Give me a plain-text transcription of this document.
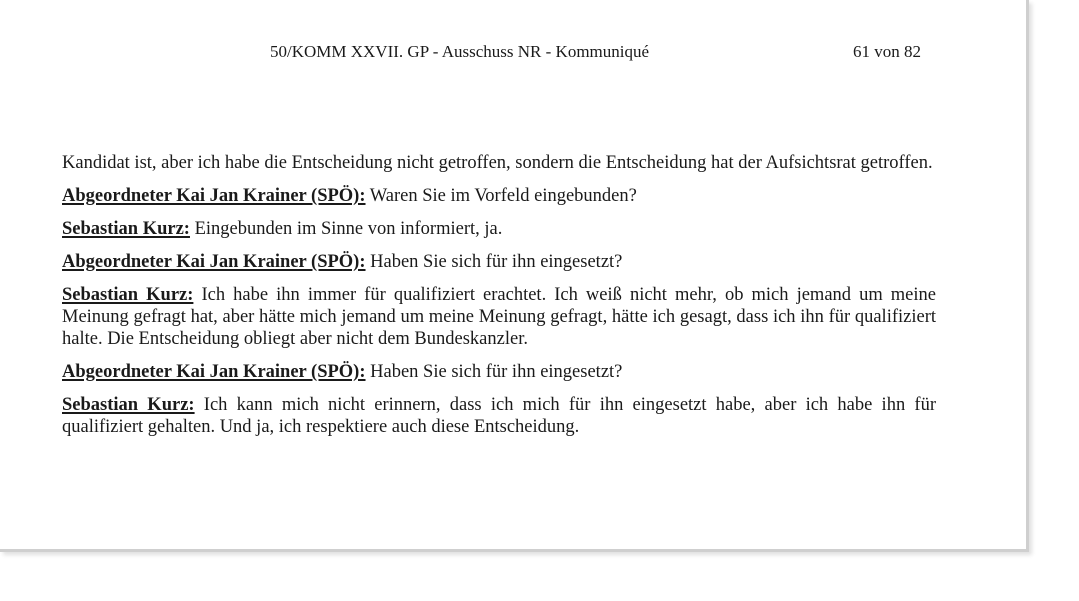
50/KOMM XXVII. GP - Ausschuss NR - Kommuniqué	61 von 82

Kandidat ist, aber ich habe die Entscheidung nicht getroffen, sondern die Entscheidung hat der Aufsichtsrat getroffen.

Abgeordneter Kai Jan Krainer (SPÖ): Waren Sie im Vorfeld eingebunden?

Sebastian Kurz: Eingebunden im Sinne von informiert, ja.

Abgeordneter Kai Jan Krainer (SPÖ): Haben Sie sich für ihn eingesetzt?

Sebastian Kurz: Ich habe ihn immer für qualifiziert erachtet. Ich weiß nicht mehr, ob mich jemand um meine Meinung gefragt hat, aber hätte mich jemand um meine Meinung gefragt, hätte ich gesagt, dass ich ihn für qualifiziert halte. Die Entscheidung obliegt aber nicht dem Bundeskanzler.

Abgeordneter Kai Jan Krainer (SPÖ): Haben Sie sich für ihn eingesetzt?

Sebastian Kurz: Ich kann mich nicht erinnern, dass ich mich für ihn eingesetzt habe, aber ich habe ihn für qualifiziert gehalten. Und ja, ich respektiere auch diese Entscheidung.
